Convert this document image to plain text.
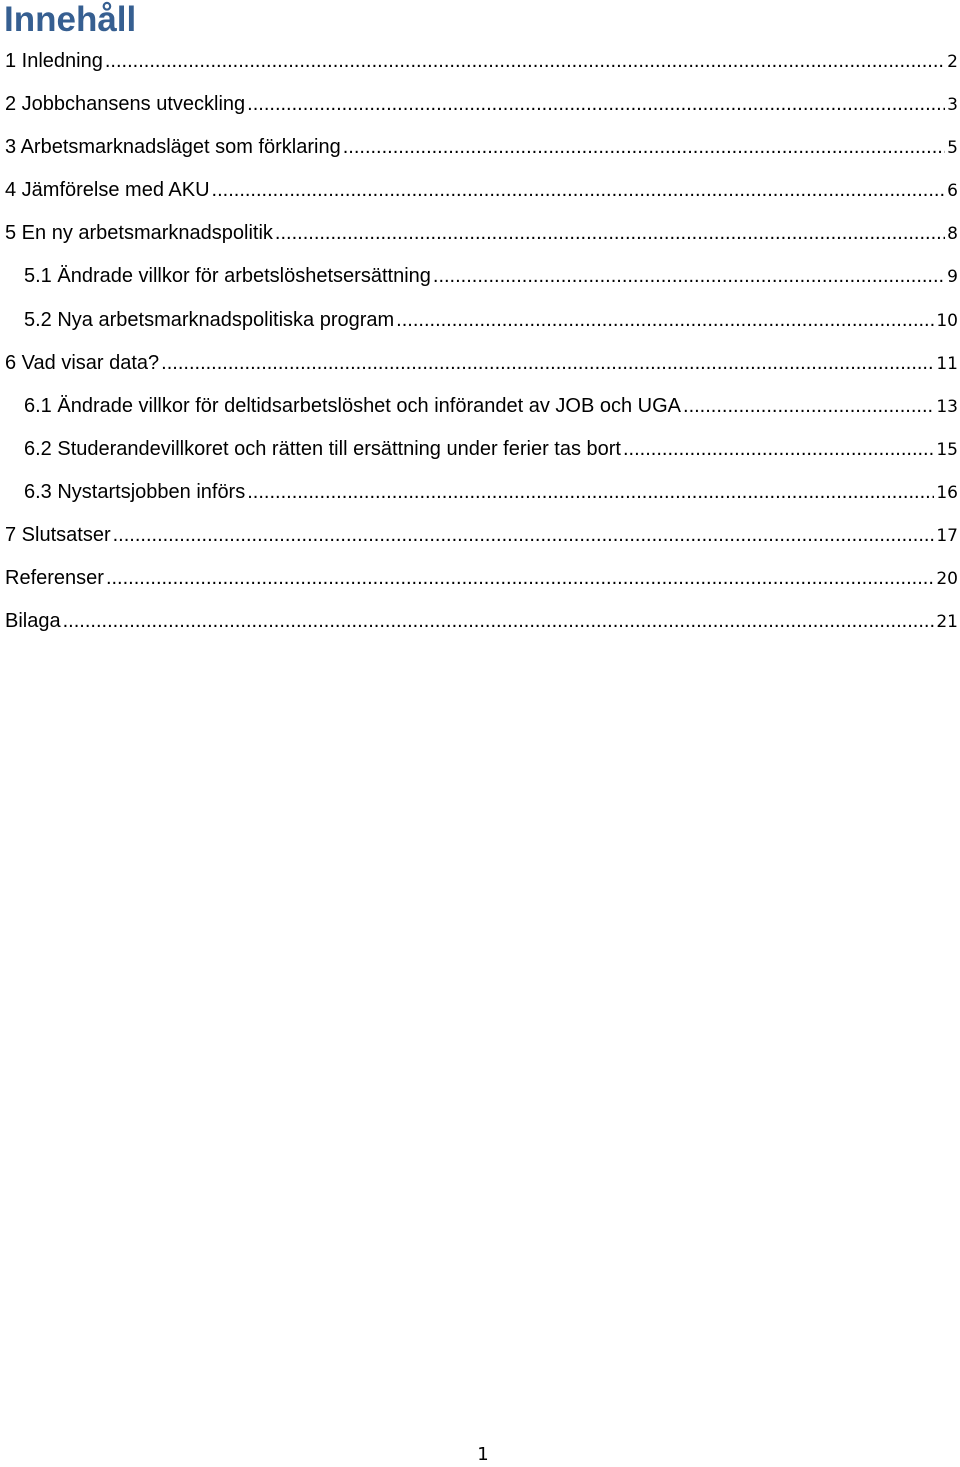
Innehåll
1 Inledning .....	2
2 Jobbchansens utveckling .....	3
3 Arbetsmarknadsläget som förklaring .....	5
4 Jämförelse med AKU .....	6
5 En ny arbetsmarknadspolitik .....	8
5.1 Ändrade villkor för arbetslöshetsersättning .....	9
5.2 Nya arbetsmarknadspolitiska program .....	10
6 Vad visar data? .....	11
6.1 Ändrade villkor för deltidsarbetslöshet och införandet av JOB och UGA .....	13
6.2 Studerandevillkoret och rätten till ersättning under ferier tas bort .....	15
6.3 Nystartsjobben införs .....	16
7 Slutsatser .....	17
Referenser .....	20
Bilaga .....	21
1
